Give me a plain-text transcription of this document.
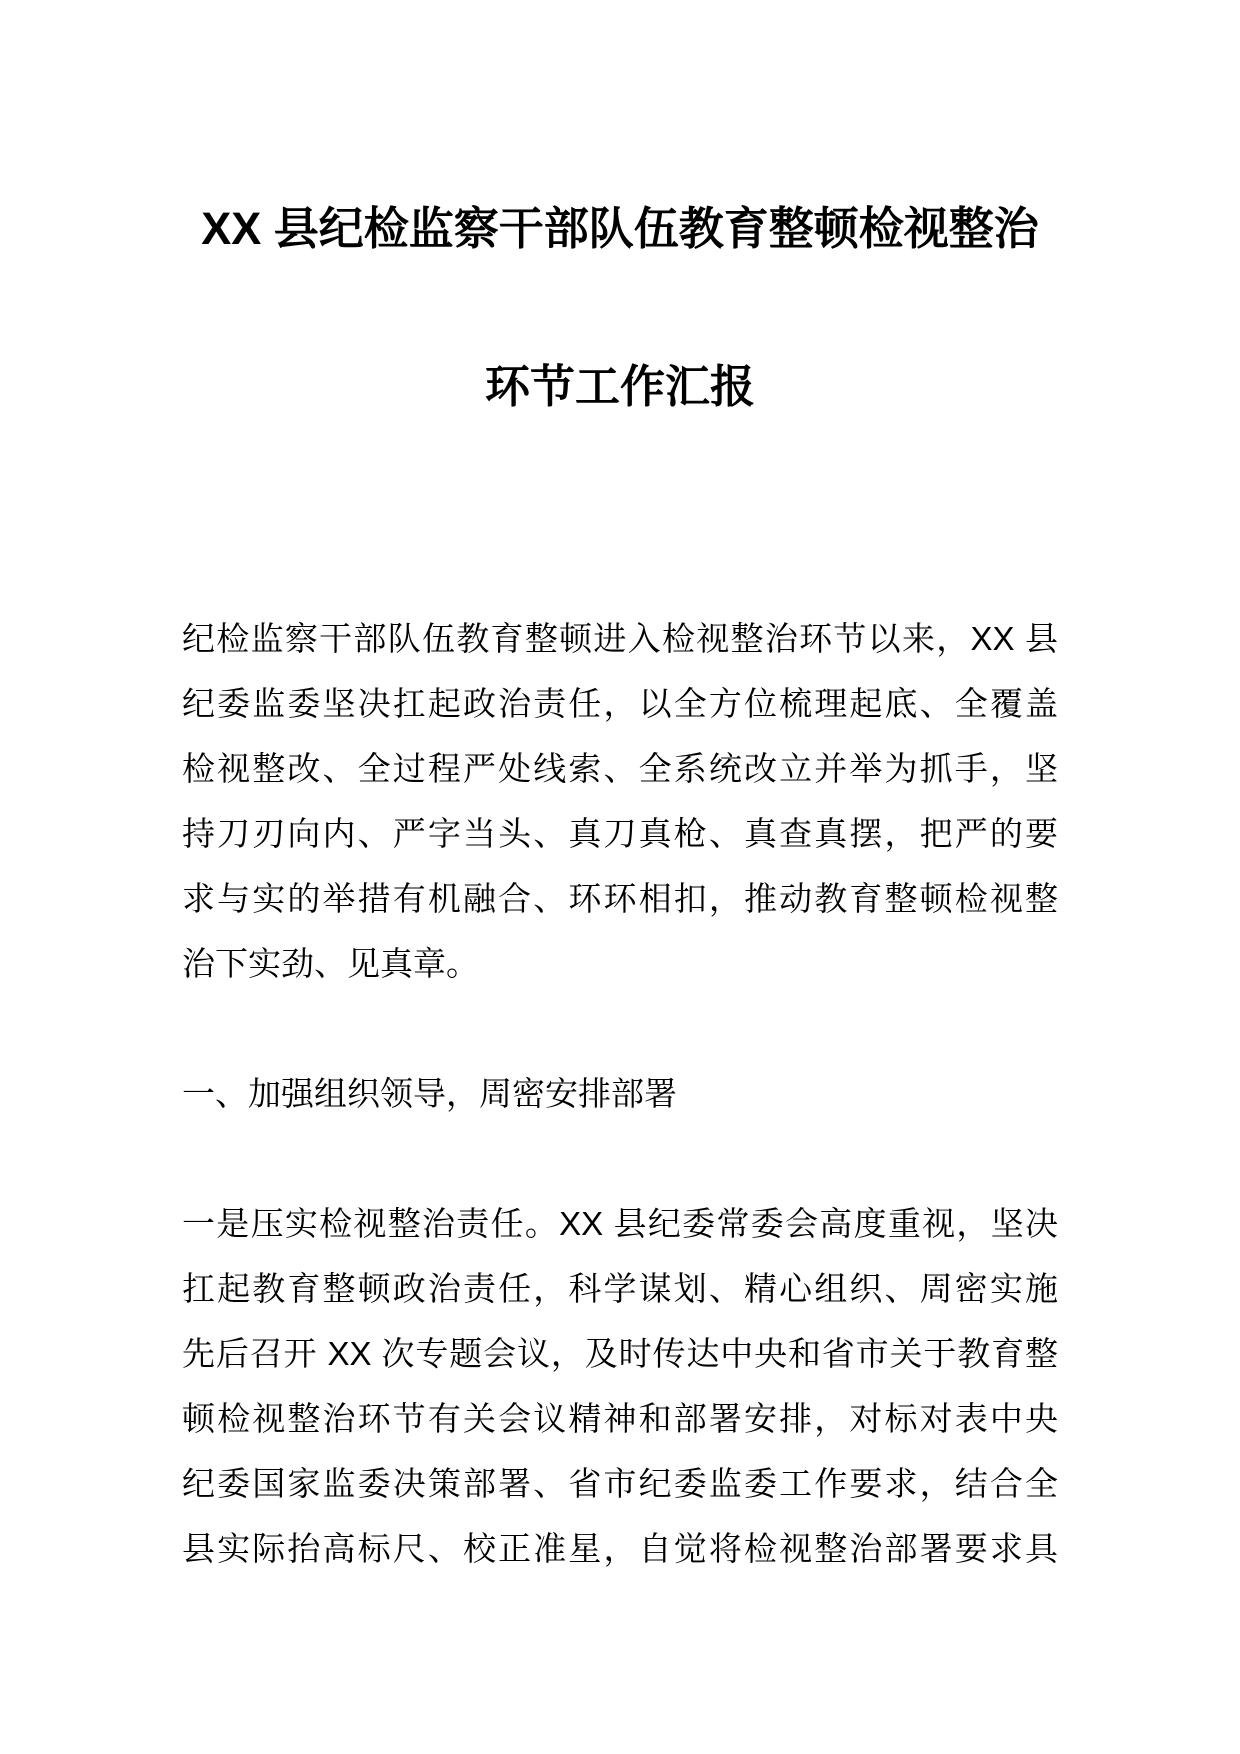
XX 县纪检监察干部队伍教育整顿检视整治
环节工作汇报
纪检监察干部队伍教育整顿进入检视整治环节以来，XX 县
纪委监委坚决扛起政治责任，以全方位梳理起底、全覆盖
检视整改、全过程严处线索、全系统改立并举为抓手，坚
持刀刃向内、严字当头、真刀真枪、真查真摆，把严的要
求与实的举措有机融合、环环相扣，推动教育整顿检视整
治下实劲、见真章。
一、加强组织领导，周密安排部署
一是压实检视整治责任。XX 县纪委常委会高度重视，坚决
扛起教育整顿政治责任，科学谋划、精心组织、周密实施
先后召开 XX 次专题会议，及时传达中央和省市关于教育整
顿检视整治环节有关会议精神和部署安排，对标对表中央
纪委国家监委决策部署、省市纪委监委工作要求，结合全
县实际抬高标尺、校正准星，自觉将检视整治部署要求具
